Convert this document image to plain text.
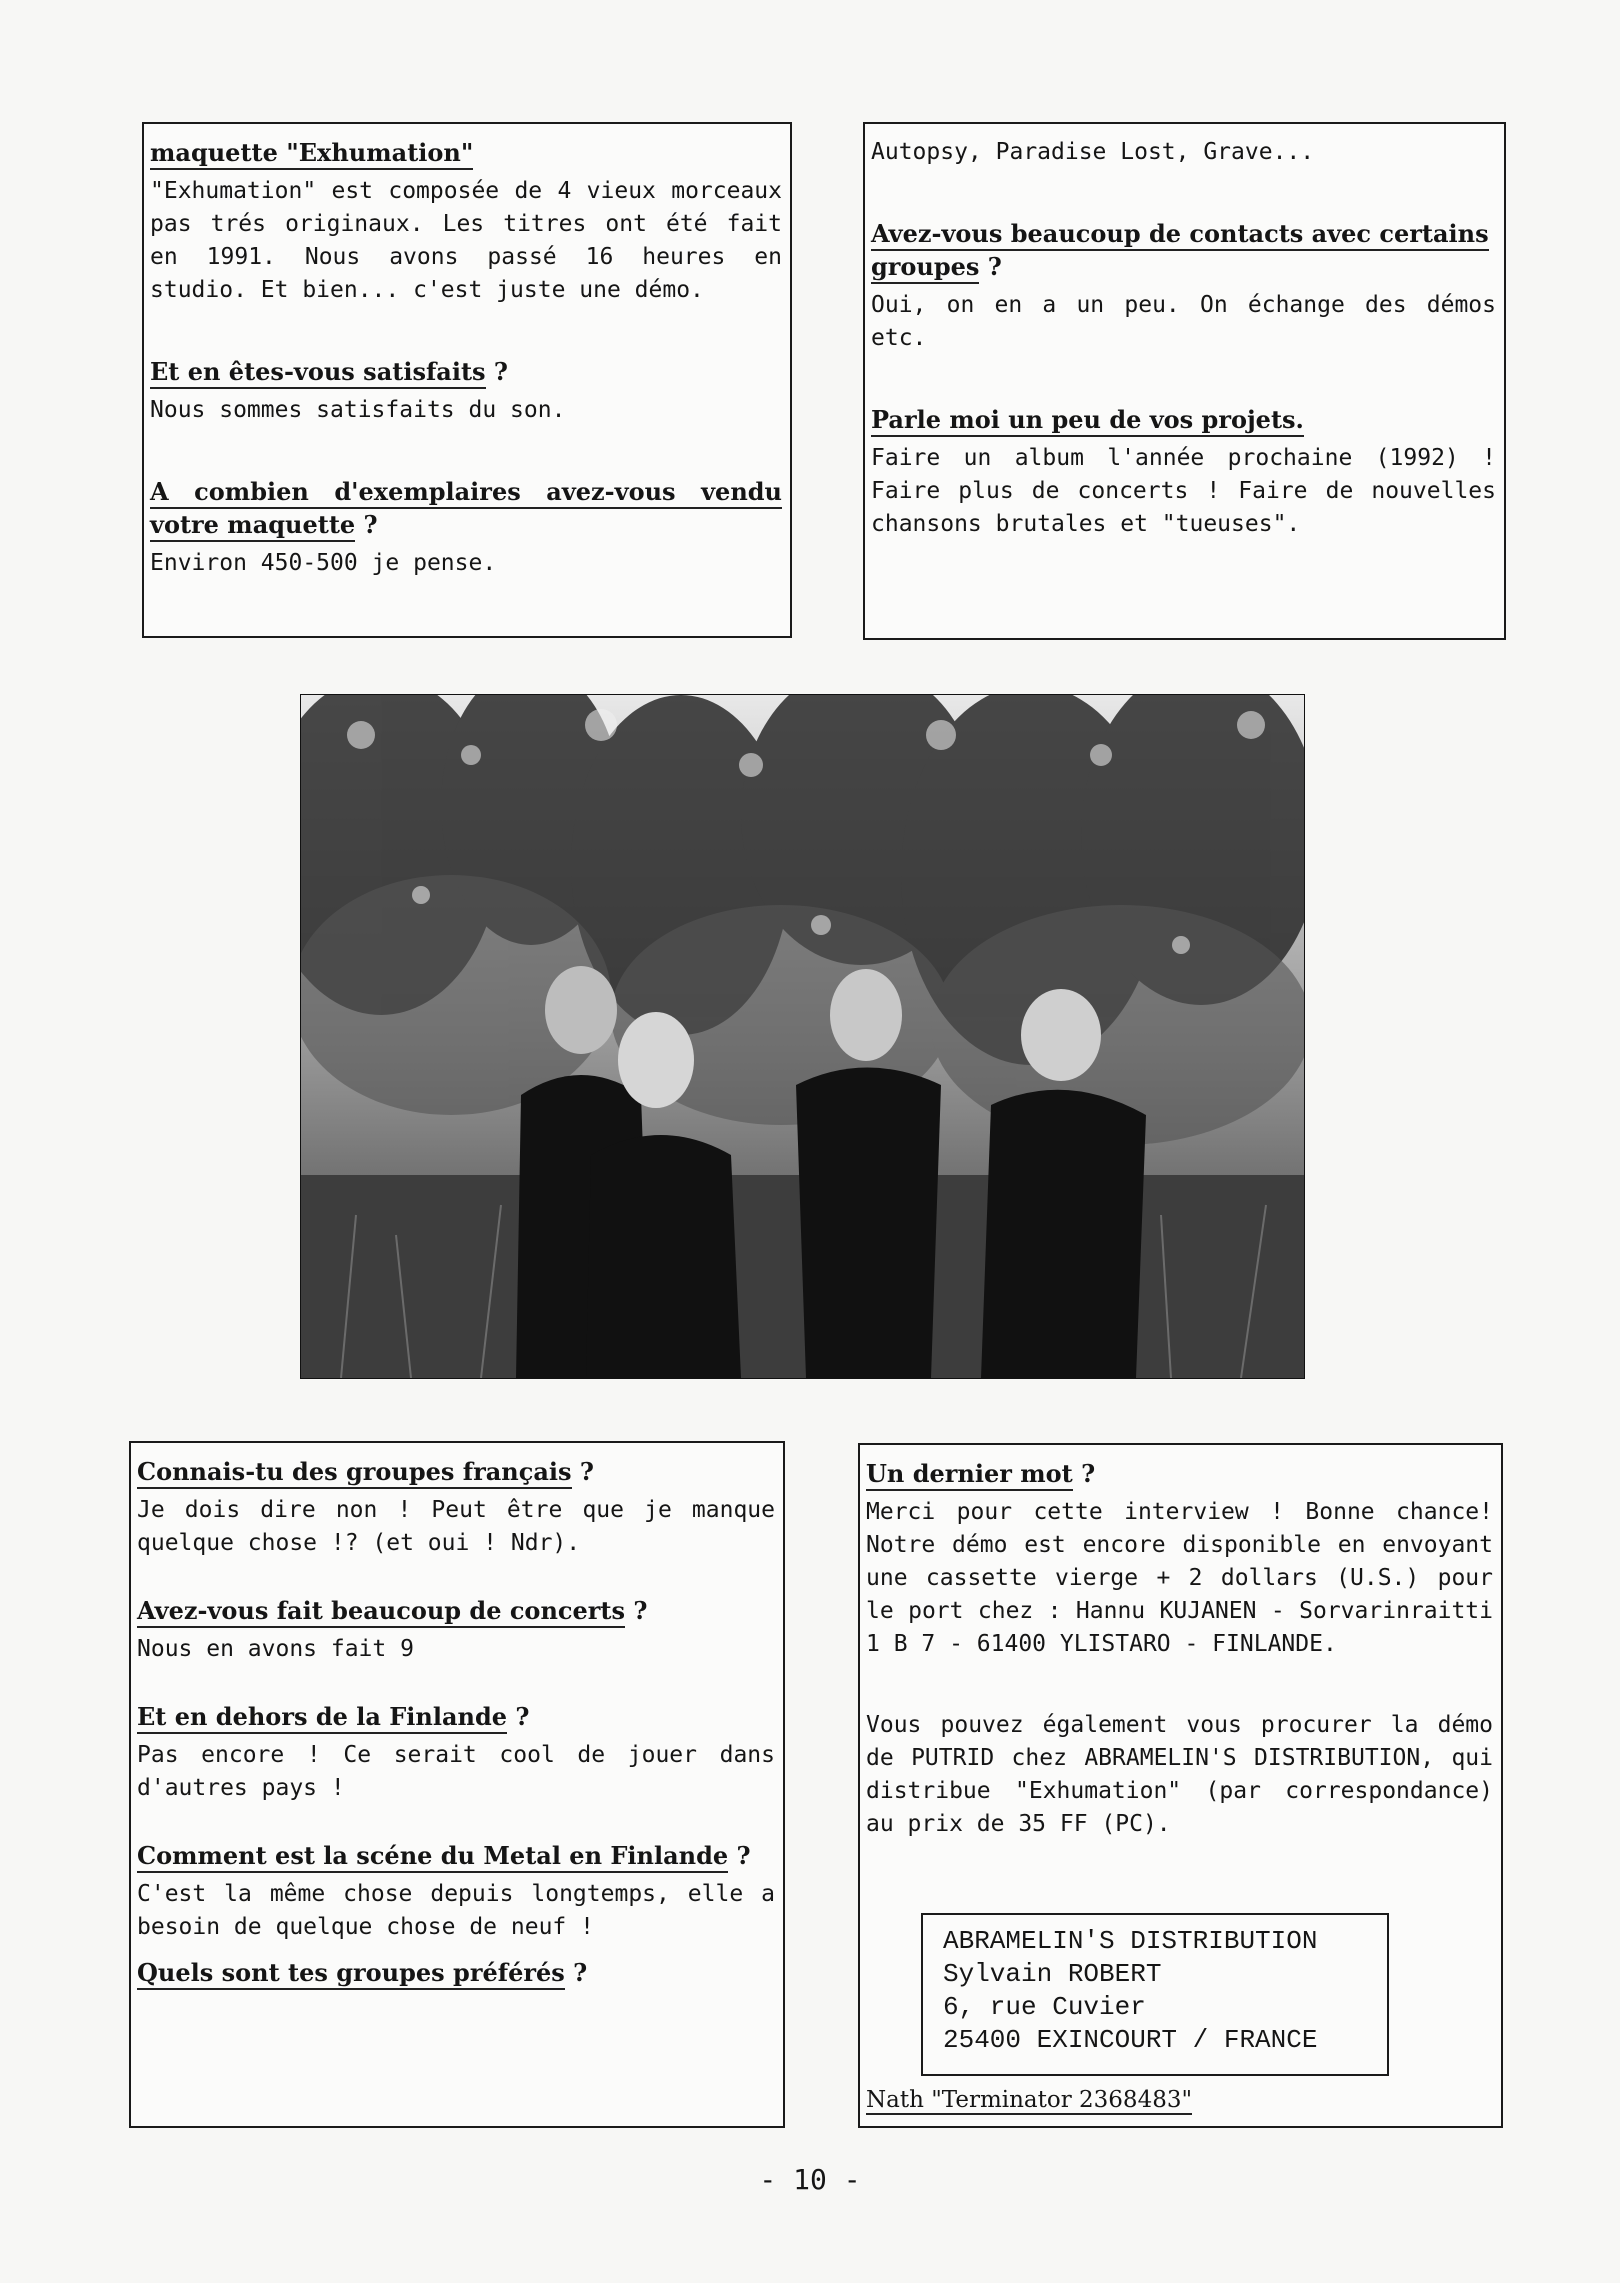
maquette "Exhumation"

"Exhumation" est composée de 4 vieux morceaux pas trés originaux. Les titres ont été fait en 1991. Nous avons passé 16 heures en studio. Et bien... c'est juste une démo.

Et en êtes-vous satisfaits ?

Nous sommes satisfaits du son.

A combien d'exemplaires avez-vous vendu votre maquette ?

Environ 450-500 je pense.

Autopsy, Paradise Lost, Grave...

Avez-vous beaucoup de contacts avec certains groupes ?

Oui, on en a un peu. On échange des démos etc.

Parle moi un peu de vos projets.

Faire un album l'année prochaine (1992) ! Faire plus de concerts ! Faire de nouvelles chansons brutales et "tueuses".

Connais-tu des groupes français ?

Je dois dire non ! Peut être que je manque quelque chose !? (et oui ! Ndr).

Avez-vous fait beaucoup de concerts ?

Nous en avons fait 9

Et en dehors de la Finlande ?

Pas encore ! Ce serait cool de jouer dans d'autres pays !

Comment est la scéne du Metal en Finlande ?

C'est la même chose depuis longtemps, elle a besoin de quelque chose de neuf !

Quels sont tes groupes préférés ?

Un dernier mot ?

Merci pour cette interview ! Bonne chance! Notre démo est encore disponible en envoyant une cassette vierge + 2 dollars (U.S.) pour le port chez : Hannu KUJANEN - Sorvarinraitti 1 B 7 - 61400 YLISTARO - FINLANDE.

Vous pouvez également vous procurer la démo de PUTRID chez ABRAMELIN'S DISTRIBUTION, qui distribue "Exhumation" (par correspondance) au prix de 35 FF (PC).

ABRAMELIN'S DISTRIBUTION
Sylvain ROBERT
6, rue Cuvier
25400 EXINCOURT / FRANCE
Nath "Terminator 2368483"
- 10 -
